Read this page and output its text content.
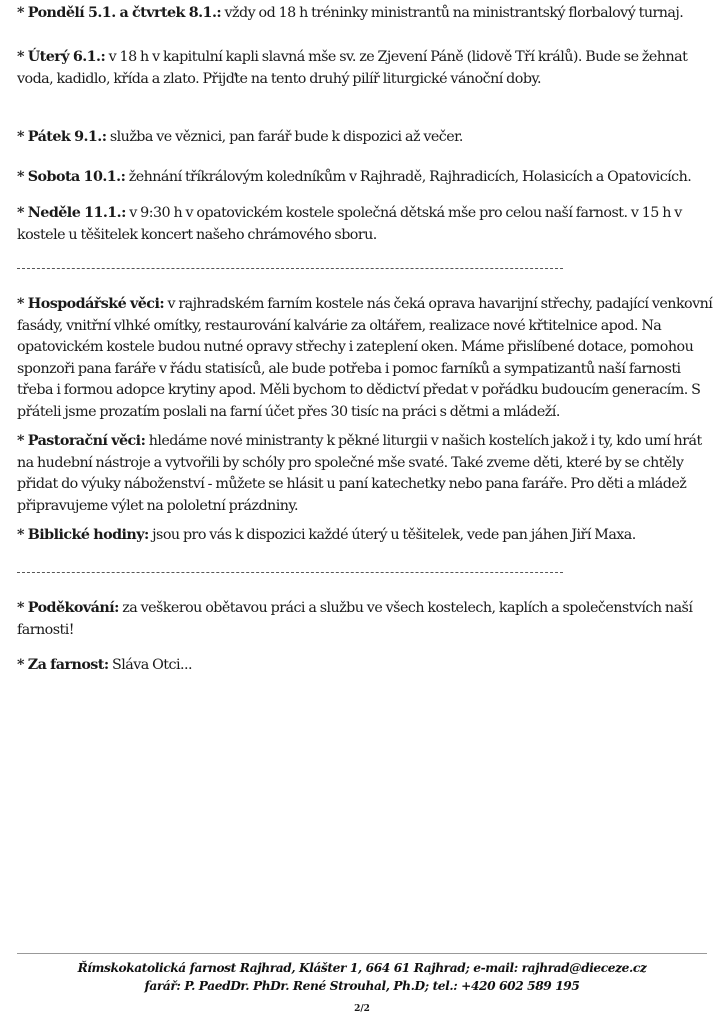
* Pondělí 5.1. a čtvrtek 8.1.: vždy od 18 h tréninky ministrantů na ministrantský florbalový turnaj.
* Úterý 6.1.: v 18 h v kapitulní kapli slavná mše sv. ze Zjevení Páně (lidově Tří králů). Bude se žehnat voda, kadidlo, křída a zlato. Přijďte na tento druhý pilíř liturgické vánoční doby.
* Pátek 9.1.: služba ve věznici, pan farář bude k dispozici až večer.
* Sobota 10.1.: žehnání tříkrálovým koledníkům v Rajhradě, Rajhradicích, Holasicích a Opatovicích.
* Neděle 11.1.: v 9:30 h v opatovickém kostele společná dětská mše pro celou naší farnost. v 15 h v kostele u těšitelek koncert našeho chrámového sboru.
* Hospodářské věci: v rajhradském farním kostele nás čeká oprava havarijní střechy, padající venkovní fasády, vnitřní vlhké omítky, restaurování kalvárie za oltářem, realizace nové křtitelnice apod. Na opatovickém kostele budou nutné opravy střechy i zateplení oken. Máme přislíbené dotace, pomohou sponzoři pana faráře v řádu statisíců, ale bude potřeba i pomoc farníků a sympatizantů naší farnosti třeba i formou adopce krytiny apod. Měli bychom to dědictví předat v pořádku budoucím generacím. S přáteli jsme prozatím poslali na farní účet přes 30 tisíc na práci s dětmi a mládeží.
* Pastorační věci: hledáme nové ministranty k pěkné liturgii v našich kostelích jakož i ty, kdo umí hrát na hudební nástroje a vytvořili by schóly pro společné mše svaté. Také zveme děti, které by se chtěly přidat do výuky náboženství - můžete se hlásit u paní katechetky nebo pana faráře. Pro děti a mládež připravujeme výlet na pololetní prázdniny.
* Biblické hodiny: jsou pro vás k dispozici každé úterý u těšitelek, vede pan jáhen Jiří Maxa.
* Poděkování: za veškerou obětavou práci a službu ve všech kostelech, kaplích a společenstvích naší farnosti!
* Za farnost: Sláva Otci...
Římskokatolická farnost Rajhrad, Klášter 1, 664 61 Rajhrad; e-mail: rajhrad@dieceze.cz
farář: P. PaedDr. PhDr. René Strouhal, Ph.D; tel.: +420 602 589 195
2/2
